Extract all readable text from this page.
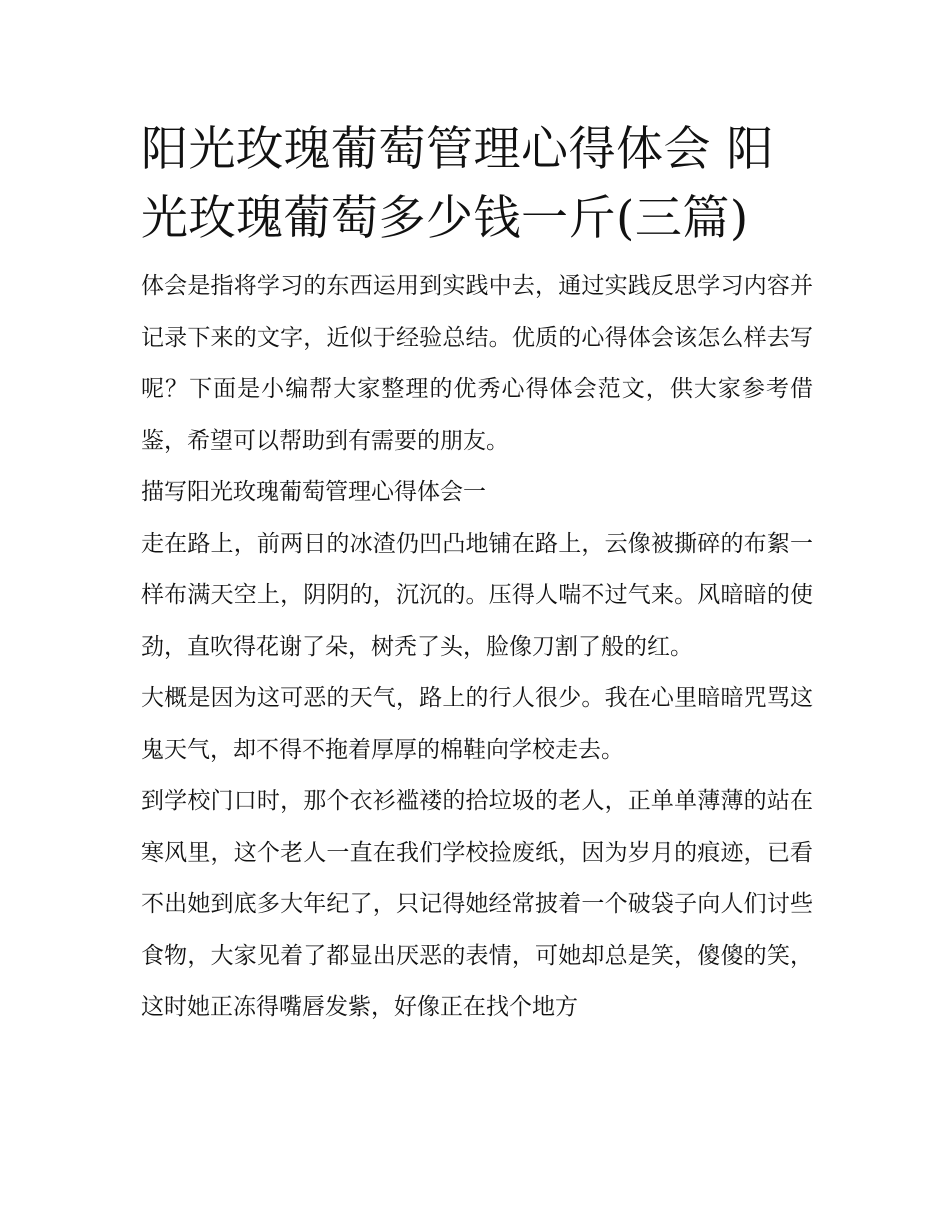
阳光玫瑰葡萄管理心得体会 阳光玫瑰葡萄多少钱一斤(三篇)

体会是指将学习的东西运用到实践中去，通过实践反思学习内容并记录下来的文字，近似于经验总结。优质的心得体会该怎么样去写呢？下面是小编帮大家整理的优秀心得体会范文，供大家参考借鉴，希望可以帮助到有需要的朋友。

描写阳光玫瑰葡萄管理心得体会一

走在路上，前两日的冰渣仍凹凸地铺在路上，云像被撕碎的布絮一样布满天空上，阴阴的，沉沉的。压得人喘不过气来。风暗暗的使劲，直吹得花谢了朵，树秃了头，脸像刀割了般的红。

大概是因为这可恶的天气，路上的行人很少。我在心里暗暗咒骂这鬼天气，却不得不拖着厚厚的棉鞋向学校走去。

到学校门口时，那个衣衫褴褛的拾垃圾的老人，正单单薄薄的站在寒风里，这个老人一直在我们学校捡废纸，因为岁月的痕迹，已看不出她到底多大年纪了，只记得她经常披着一个破袋子向人们讨些食物，大家见着了都显出厌恶的表情，可她却总是笑，傻傻的笑，这时她正冻得嘴唇发紫，好像正在找个地方
